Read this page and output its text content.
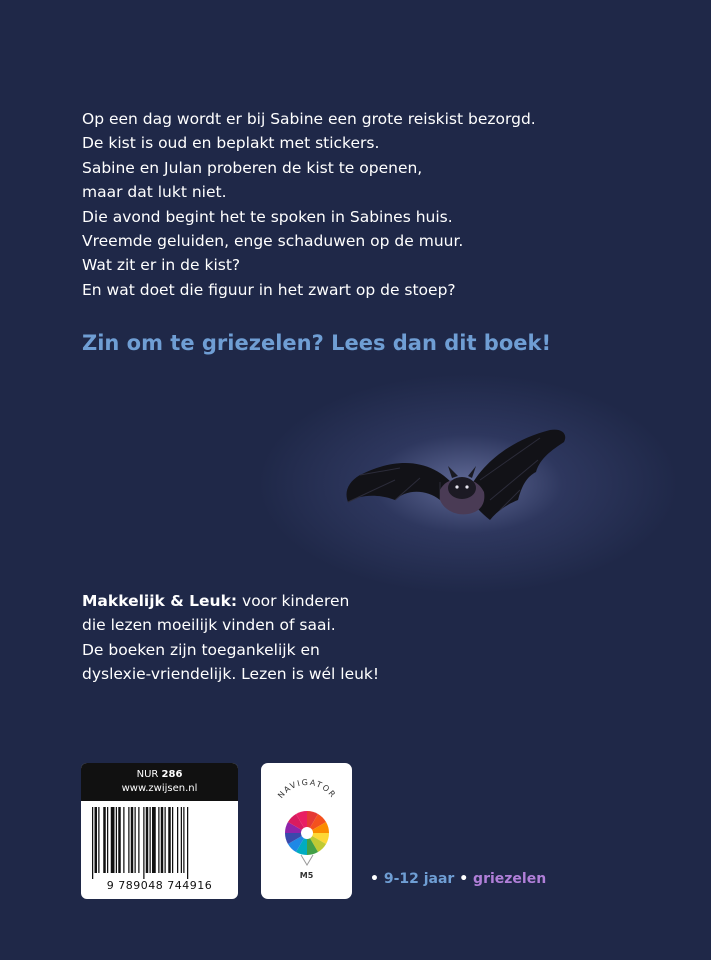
Op een dag wordt er bij Sabine een grote reiskist bezorgd.

De kist is oud en beplakt met stickers.

Sabine en Julan proberen de kist te openen,

maar dat lukt niet.

Die avond begint het te spoken in Sabines huis.

Vreemde geluiden, enge schaduwen op de muur.

Wat zit er in de kist?

En wat doet die figuur in het zwart op de stoep?

Zin om te griezelen? Lees dan dit boek!

Makkelijk & Leuk: voor kinderen

die lezen moeilijk vinden of saai.

De boeken zijn toegankelijk en

dyslexie-vriendelijk. Lezen is wél leuk!

NUR 286
www.zwijsen.nl
9 789048 744916
NAVIGATOR
M5	• 9-12 jaar • griezelen
